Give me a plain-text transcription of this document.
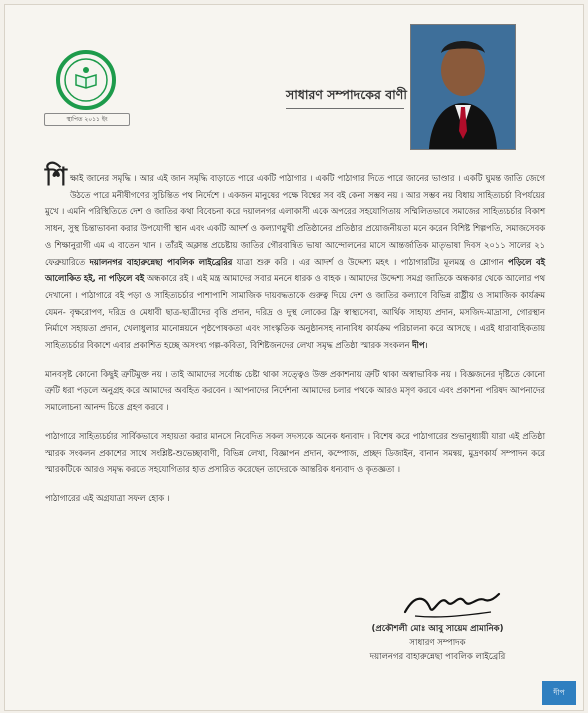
স্থাপিত ২০১১ ইং
সাধারণ সম্পাদকের বাণী

শিক্ষাই জানের সমৃদ্ধি । আর এই জান সমৃদ্ধি বাড়াতে পারে একটি পাঠাগার । একটি পাঠাগার দিতে পারে জানের ভাণ্ডার । একটি ঘুমন্ত জাতি জেগে উঠতে পারে মনীষীগণের সুচিন্তিত পথ নির্দেশে । একজন মানুষের পক্ষে বিশ্বের সব বই কেনা সম্ভব নয় । আর সম্ভব নয় বিধায় সাহিত্যচর্চা বিপর্যয়ের মুখে । এমনি পরিস্থিতিতে দেশ ও জাতির কথা বিবেচনা করে দয়ালনগর এলাকাসী একে অপরের সহযোগিতায় সম্মিলিতভাবে সমাজের সাহিত্যচর্চার বিকাশ সাধন, সুস্থ চিন্তাভাবনা করার উপযোগী স্থান এবং একটি আদর্শ ও কল্যাণমুখী প্রতিষ্ঠানের প্রতিষ্ঠার প্রয়োজনীয়তা মনে করেন বিশিষ্ট শিল্পপতি, সমাজসেবক ও শিক্ষানুরাগী এম এ বাতেন খান । তাঁরই অক্লান্ত প্রচেষ্টায় জাতির গৌরবান্বিত ভাষা আন্দোলনের মাসে আন্তর্জাতিক মাতৃভাষা দিবস ২০১১ সালের ২১ ফেব্রুয়ারিতে দয়ালনগর বাহারুন্নেছা পাবলিক লাইব্রেরির যাত্রা শুরু করি । এর আদর্শ ও উদ্দেশ্য মহৎ । পাঠাগারটির মূলমন্ত্র ও শ্লোগান পড়িলে বই আলোকিত হই, না পড়িলে বই অন্ধকারে রই । এই মন্ত্র আমাদের সবার মননে ধারক ও বাহক । আমাদের উদ্দেশ্য সমগ্র জাতিকে অন্ধকার থেকে আলোর পথ দেখানো । পাঠাগারে বই পড়া ও সাহিত্যচর্চার পাশাপাশি সামাজিক দায়বদ্ধতাকে গুরুত্ব দিয়ে দেশ ও জাতির কল্যাণে বিভিন্ন রাষ্ট্রীয় ও সামাজিক কার্যক্রম যেমন- বৃক্ষরোপণ, দরিদ্র ও মেধাবী ছাত্র-ছাত্রীদের বৃত্তি প্রদান, দরিদ্র ও দুস্থ লোকের ফ্রি স্বাস্থ্যসেবা, আর্থিক সাহায্য প্রদান, মসজিদ-মাদ্রাসা, গোরস্থান নির্মাণে সহায়তা প্রদান, খেলাধুলার মানোন্নয়নে পৃষ্ঠপোষকতা এবং সাংস্কৃতিক অনুষ্ঠানসহ নানাবিধ কার্যক্রম পরিচালনা করে আসছে । এরই ধারাবাহিকতায় সাহিত্যচর্চার বিকাশে এবার প্রকাশিত হচ্ছে অসংখ্য গল্প-কবিতা, বিশিষ্টজনদের লেখা সমৃদ্ধ প্রতিষ্ঠা স্মারক সংকলন দীপ।

মানবসৃষ্ট কোনো কিছুই ত্রুটিমুক্ত নয় । তাই আমাদের সর্বোচ্চ চেষ্টা থাকা সত্ত্বেও উক্ত প্রকাশনায় ত্রুটি থাকা অস্বাভাবিক নয় । বিজ্ঞজনের দৃষ্টিতে কোনো ত্রুটি ধরা পড়লে অনুগ্রহ করে আমাদের অবহিত করবেন । আপনাদের নির্দেশনা আমাদের চলার পথকে আরও মসৃণ করবে এবং প্রকাশনা পরিষদ আপনাদের সমালোচনা আনন্দ চিত্তে গ্রহণ করবে ।

পাঠাগারে সাহিত্যচর্চার সার্বিকভাবে সহায়তা করার মানসে নিবেদিত সকল সদস্যকে অনেক ধন্যবাদ । বিশেষ করে পাঠাগারের শুভানুধ্যায়ী যারা এই প্রতিষ্ঠা স্মারক সংকলন প্রকাশের সাথে সংশ্লিষ্ট-শুভেচ্ছাবাণী, বিভিন্ন লেখা, বিজ্ঞাপন প্রদান, কম্পোজ, প্রচ্ছদ ডিজাইন, বানান সমন্বয়, মুদ্রণকার্য সম্পাদন করে স্মারকটিকে আরও সমৃদ্ধ করতে সহযোগিতার হাত প্রসারিত করেছেন তাদেরকে আন্তরিক ধন্যবাদ ও কৃতজ্ঞতা ।

পাঠাগারের এই অগ্রযাত্রা সফল হোক ।

(প্রকৌশলী মোঃ আবু সায়েম প্রামানিক)
সাধারণ সম্পাদক
দয়ালনগর বাহারুন্নেছা পাবলিক লাইব্রেরি
দীপ
